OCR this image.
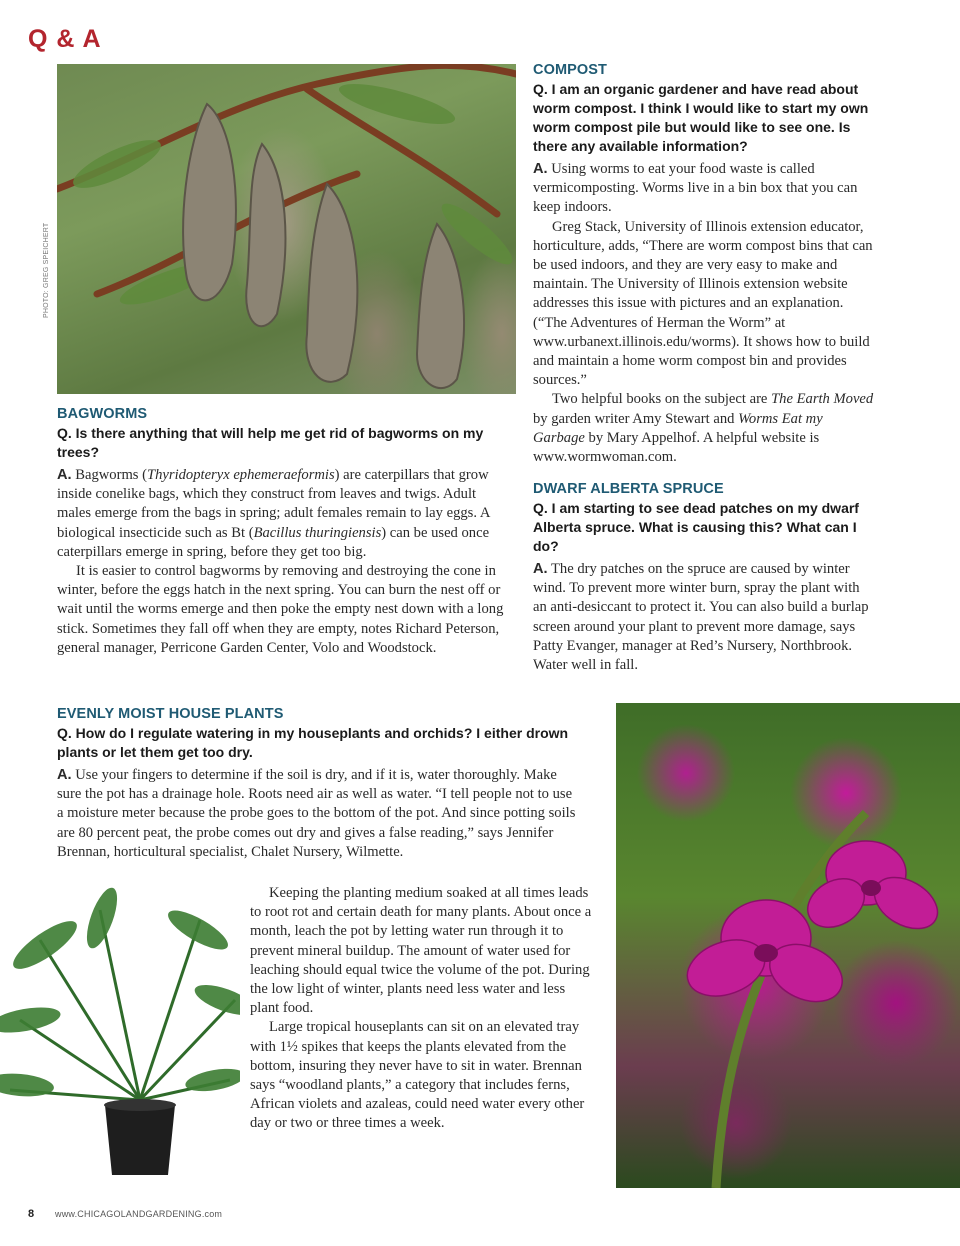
Q & A
PHOTO: GREG SPEICHERT
BAGWORMS
Q. Is there anything that will help me get rid of bagworms on my trees?

A. Bagworms (Thyridopteryx ephemeraeformis) are caterpillars that grow inside conelike bags, which they construct from leaves and twigs. Adult males emerge from the bags in spring; adult females remain to lay eggs. A biological insecticide such as Bt (Bacillus thuringiensis) can be used once caterpillars emerge in spring, before they get too big.

It is easier to control bagworms by removing and destroying the cone in winter, before the eggs hatch in the next spring. You can burn the nest off or wait until the worms emerge and then poke the empty nest down with a long stick. Sometimes they fall off when they are empty, notes Richard Peterson, general manager, Perricone Garden Center, Volo and Woodstock.

COMPOST
Q. I am an organic gardener and have read about worm compost. I think I would like to start my own worm compost pile but would like to see one. Is there any available information?

A. Using worms to eat your food waste is called vermicomposting. Worms live in a bin box that you can keep indoors.

Greg Stack, University of Illinois extension educator, horticulture, adds, “There are worm compost bins that can be used indoors, and they are very easy to make and maintain. The University of Illinois extension website addresses this issue with pictures and an explanation. (“The Adventures of Herman the Worm” at www.urbanext.illinois.edu/worms). It shows how to build and maintain a home worm compost bin and provides sources.”

Two helpful books on the subject are The Earth Moved by garden writer Amy Stewart and Worms Eat my Garbage by Mary Appelhof. A helpful website is www.wormwoman.com.

DWARF ALBERTA SPRUCE
Q. I am starting to see dead patches on my dwarf Alberta spruce. What is causing this? What can I do?

A. The dry patches on the spruce are caused by winter wind. To prevent more winter burn, spray the plant with an anti-desiccant to protect it. You can also build a burlap screen around your plant to prevent more damage, says Patty Evanger, manager at Red’s Nursery, Northbrook. Water well in fall.

EVENLY MOIST HOUSE PLANTS
Q. How do I regulate watering in my houseplants and orchids? I either drown plants or let them get too dry.

A. Use your fingers to determine if the soil is dry, and if it is, water thoroughly. Make sure the pot has a drainage hole. Roots need air as well as water. “I tell people not to use a moisture meter because the probe goes to the bottom of the pot. And since potting soils are 80 percent peat, the probe comes out dry and gives a false reading,” says Jennifer Brennan, horticultural specialist, Chalet Nursery, Wilmette.

Keeping the planting medium soaked at all times leads to root rot and certain death for many plants. About once a month, leach the pot by letting water run through it to prevent mineral buildup. The amount of water used for leaching should equal twice the volume of the pot. During the low light of winter, plants need less water and less plant food.

Large tropical houseplants can sit on an elevated tray with 1½ spikes that keeps the plants elevated from the bottom, insuring they never have to sit in water. Brennan says “woodland plants,” a category that includes ferns, African violets and azaleas, could need water every other day or two or three times a week.

8 www.CHICAGOLANDGARDENING.com
